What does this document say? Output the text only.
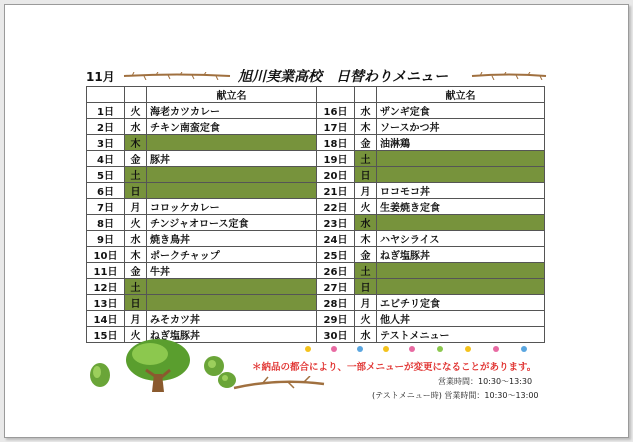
11月	旭川実業高校　日替わりメニュー
		献立名			献立名
1日	火	海老カツカレー	16日	水	ザンギ定食
2日	水	チキン南蛮定食	17日	木	ソースかつ丼
3日	木		18日	金	油淋鶏
4日	金	豚丼	19日	土	
5日	土		20日	日	
6日	日		21日	月	ロコモコ丼
7日	月	コロッケカレー	22日	火	生姜焼き定食
8日	火	チンジャオロース定食	23日	水	
9日	水	焼き鳥丼	24日	木	ハヤシライス
10日	木	ポークチャップ	25日	金	ねぎ塩豚丼
11日	金	牛丼	26日	土	
12日	土		27日	日	
13日	日		28日	月	エビチリ定食
14日	月	みそカツ丼	29日	火	他人丼
15日	火	ねぎ塩豚丼	30日	水	テストメニュー
＊納品の都合により、一部メニューが変更になることがあります。
営業時間：10:30～13:30
(テストメニュー時) 営業時間：10:30～13:00
